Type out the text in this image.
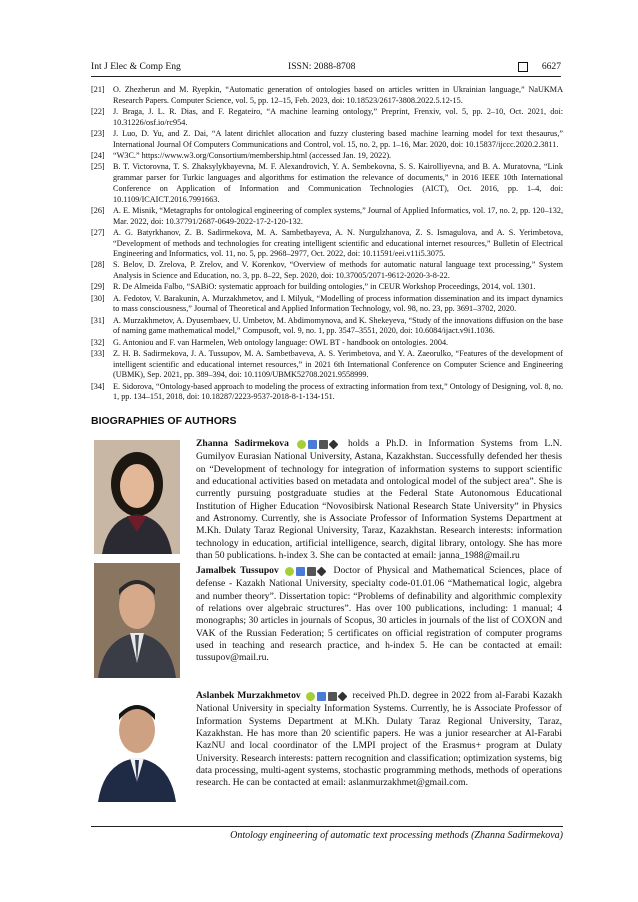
Int J Elec & Comp Eng	ISSN: 2088-8708	6627
[21] O. Zhezherun and M. Ryepkin, “Automatic generation of ontologies based on articles written in Ukrainian language,” NaUKMA Research Papers. Computer Science, vol. 5, pp. 12–15, Feb. 2023, doi: 10.18523/2617-3808.2022.5.12-15.
[22] J. Braga, J. L. R. Dias, and F. Regateiro, “A machine learning ontology,” Preprint, Frenxiv, vol. 5, pp. 2–10, Oct. 2021, doi: 10.31226/osf.io/rc954.
[23] J. Luo, D. Yu, and Z. Dai, “A latent dirichlet allocation and fuzzy clustering based machine learning model for text thesaurus,” International Journal Of Computers Communications and Control, vol. 15, no. 2, pp. 1–16, Mar. 2020, doi: 10.15837/ijccc.2020.2.3811.
[24] “W3C.” https://www.w3.org/Consortium/membership.html (accessed Jan. 19, 2022).
[25] B. T. Victorovna, T. S. Zhaksylykbayevna, M. F. Alexandrovich, Y. A. Sembekovna, S. S. Kairolliyevna, and B. A. Muratovna, “Link grammar parser for Turkic languages and algorithms for estimation the relevance of documents,” in 2016 IEEE 10th International Conference on Application of Information and Communication Technologies (AICT), Oct. 2016, pp. 1–4, doi: 10.1109/ICAICT.2016.7991663.
[26] A. E. Misnik, “Metagraphs for ontological engineering of complex systems,” Journal of Applied Informatics, vol. 17, no. 2, pp. 120–132, Mar. 2022, doi: 10.37791/2687-0649-2022-17-2-120-132.
[27] A. G. Batyrkhanov, Z. B. Sadirmekova, M. A. Sambetbayeva, A. N. Nurgulzhanova, Z. S. Ismagulova, and A. S. Yerimbetova, “Development of methods and technologies for creating intelligent scientific and educational internet resources,” Bulletin of Electrical Engineering and Informatics, vol. 11, no. 5, pp. 2968–2977, Oct. 2022, doi: 10.11591/eei.v11i5.3075.
[28] S. Belov, D. Zrelova, P. Zrelov, and V. Korenkov, “Overview of methods for automatic natural language text processing,” System Analysis in Science and Education, no. 3, pp. 8–22, Sep. 2020, doi: 10.37005/2071-9612-2020-3-8-22.
[29] R. De Almeida Falbo, “SABiO: systematic approach for building ontologies,” in CEUR Workshop Proceedings, 2014, vol. 1301.
[30] A. Fedotov, V. Barakunin, A. Murzakhmetov, and I. Milyuk, “Modelling of process information dissemination and its impact dynamics to mass consciousness,” Journal of Theoretical and Applied Information Technology, vol. 98, no. 23, pp. 3691–3702, 2020.
[31] A. Murzakhmetov, A. Dyusembaev, U. Umbetov, M. Abdimomynova, and K. Shekeyeva, “Study of the innovations diffusion on the base of naming game mathematical model,” Compusoft, vol. 9, no. 1, pp. 3547–3551, 2020, doi: 10.6084/ijact.v9i1.1036.
[32] G. Antoniou and F. van Harmelen, Web ontology language: OWL BT - handbook on ontologies. 2004.
[33] Z. H. B. Sadirmekova, J. A. Tussupov, M. A. Sambetbaveva, A. S. Yerimbetova, and Y. A. Zaeorulko, “Features of the development of intelligent scientific and educational internet resources,” in 2021 6th International Conference on Computer Science and Engineering (UBMK), Sep. 2021, pp. 389–394, doi: 10.1109/UBMK52708.2021.9558999.
[34] E. Sidorova, “Ontology-based approach to modeling the process of extracting information from text,” Ontology of Designing, vol. 8, no. 1, pp. 134–151, 2018, doi: 10.18287/2223-9537-2018-8-1-134-151.
BIOGRAPHIES OF AUTHORS
Zhanna Sadirmekova	holds a Ph.D. in Information Systems from L.N. Gumilyov Eurasian National University, Astana, Kazakhstan. Successfully defended her thesis on “Development of technology for integration of information systems to support scientific and educational activities based on metadata and ontological model of the subject area”. She is currently pursuing postgraduate studies at the Federal State Autonomous Educational Institution of Higher Education “Novosibirsk National Research State University” in Physics and Astronomy. Currently, she is Associate Professor of Information Systems Department at M.Kh. Dulaty Taraz Regional University, Taraz, Kazakhstan. Research interests: information technology in education, artificial intelligence, search, digital library, ontology. She has more than 50 publications. h-index 3. She can be contacted at email: janna_1988@mail.ru
Jamalbek Tussupov	Doctor of Physical and Mathematical Sciences, place of defense - Kazakh National University, specialty code-01.01.06 “Mathematical logic, algebra and number theory”. Dissertation topic: “Problems of definability and algorithmic complexity of relations over algebraic structures”. Has over 100 publications, including: 1 manual; 4 monographs; 30 articles in journals of Scopus, 30 articles in journals of the list of COXON and VAK of the Russian Federation; 5 certificates on official registration of computer programs used in teaching and research practice, and h-index 5. He can be contacted at email: tussupov@mail.ru.
Aslanbek Murzakhmetov	received Ph.D. degree in 2022 from al-Farabi Kazakh National University in specialty Information Systems. Currently, he is Associate Professor of Information Systems Department at M.Kh. Dulaty Taraz Regional University, Taraz, Kazakhstan. He has more than 20 scientific papers. He was a junior researcher at Al-Farabi KazNU and local coordinator of the LMPI project of the Erasmus+ program at Dulaty University. Research interests: pattern recognition and classification; optimization systems, big data processing, multi-agent systems, stochastic programming methods, methods of operations research. He can be contacted at email: aslanmurzakhmet@gmail.com.
Ontology engineering of automatic text processing methods (Zhanna Sadirmekova)
